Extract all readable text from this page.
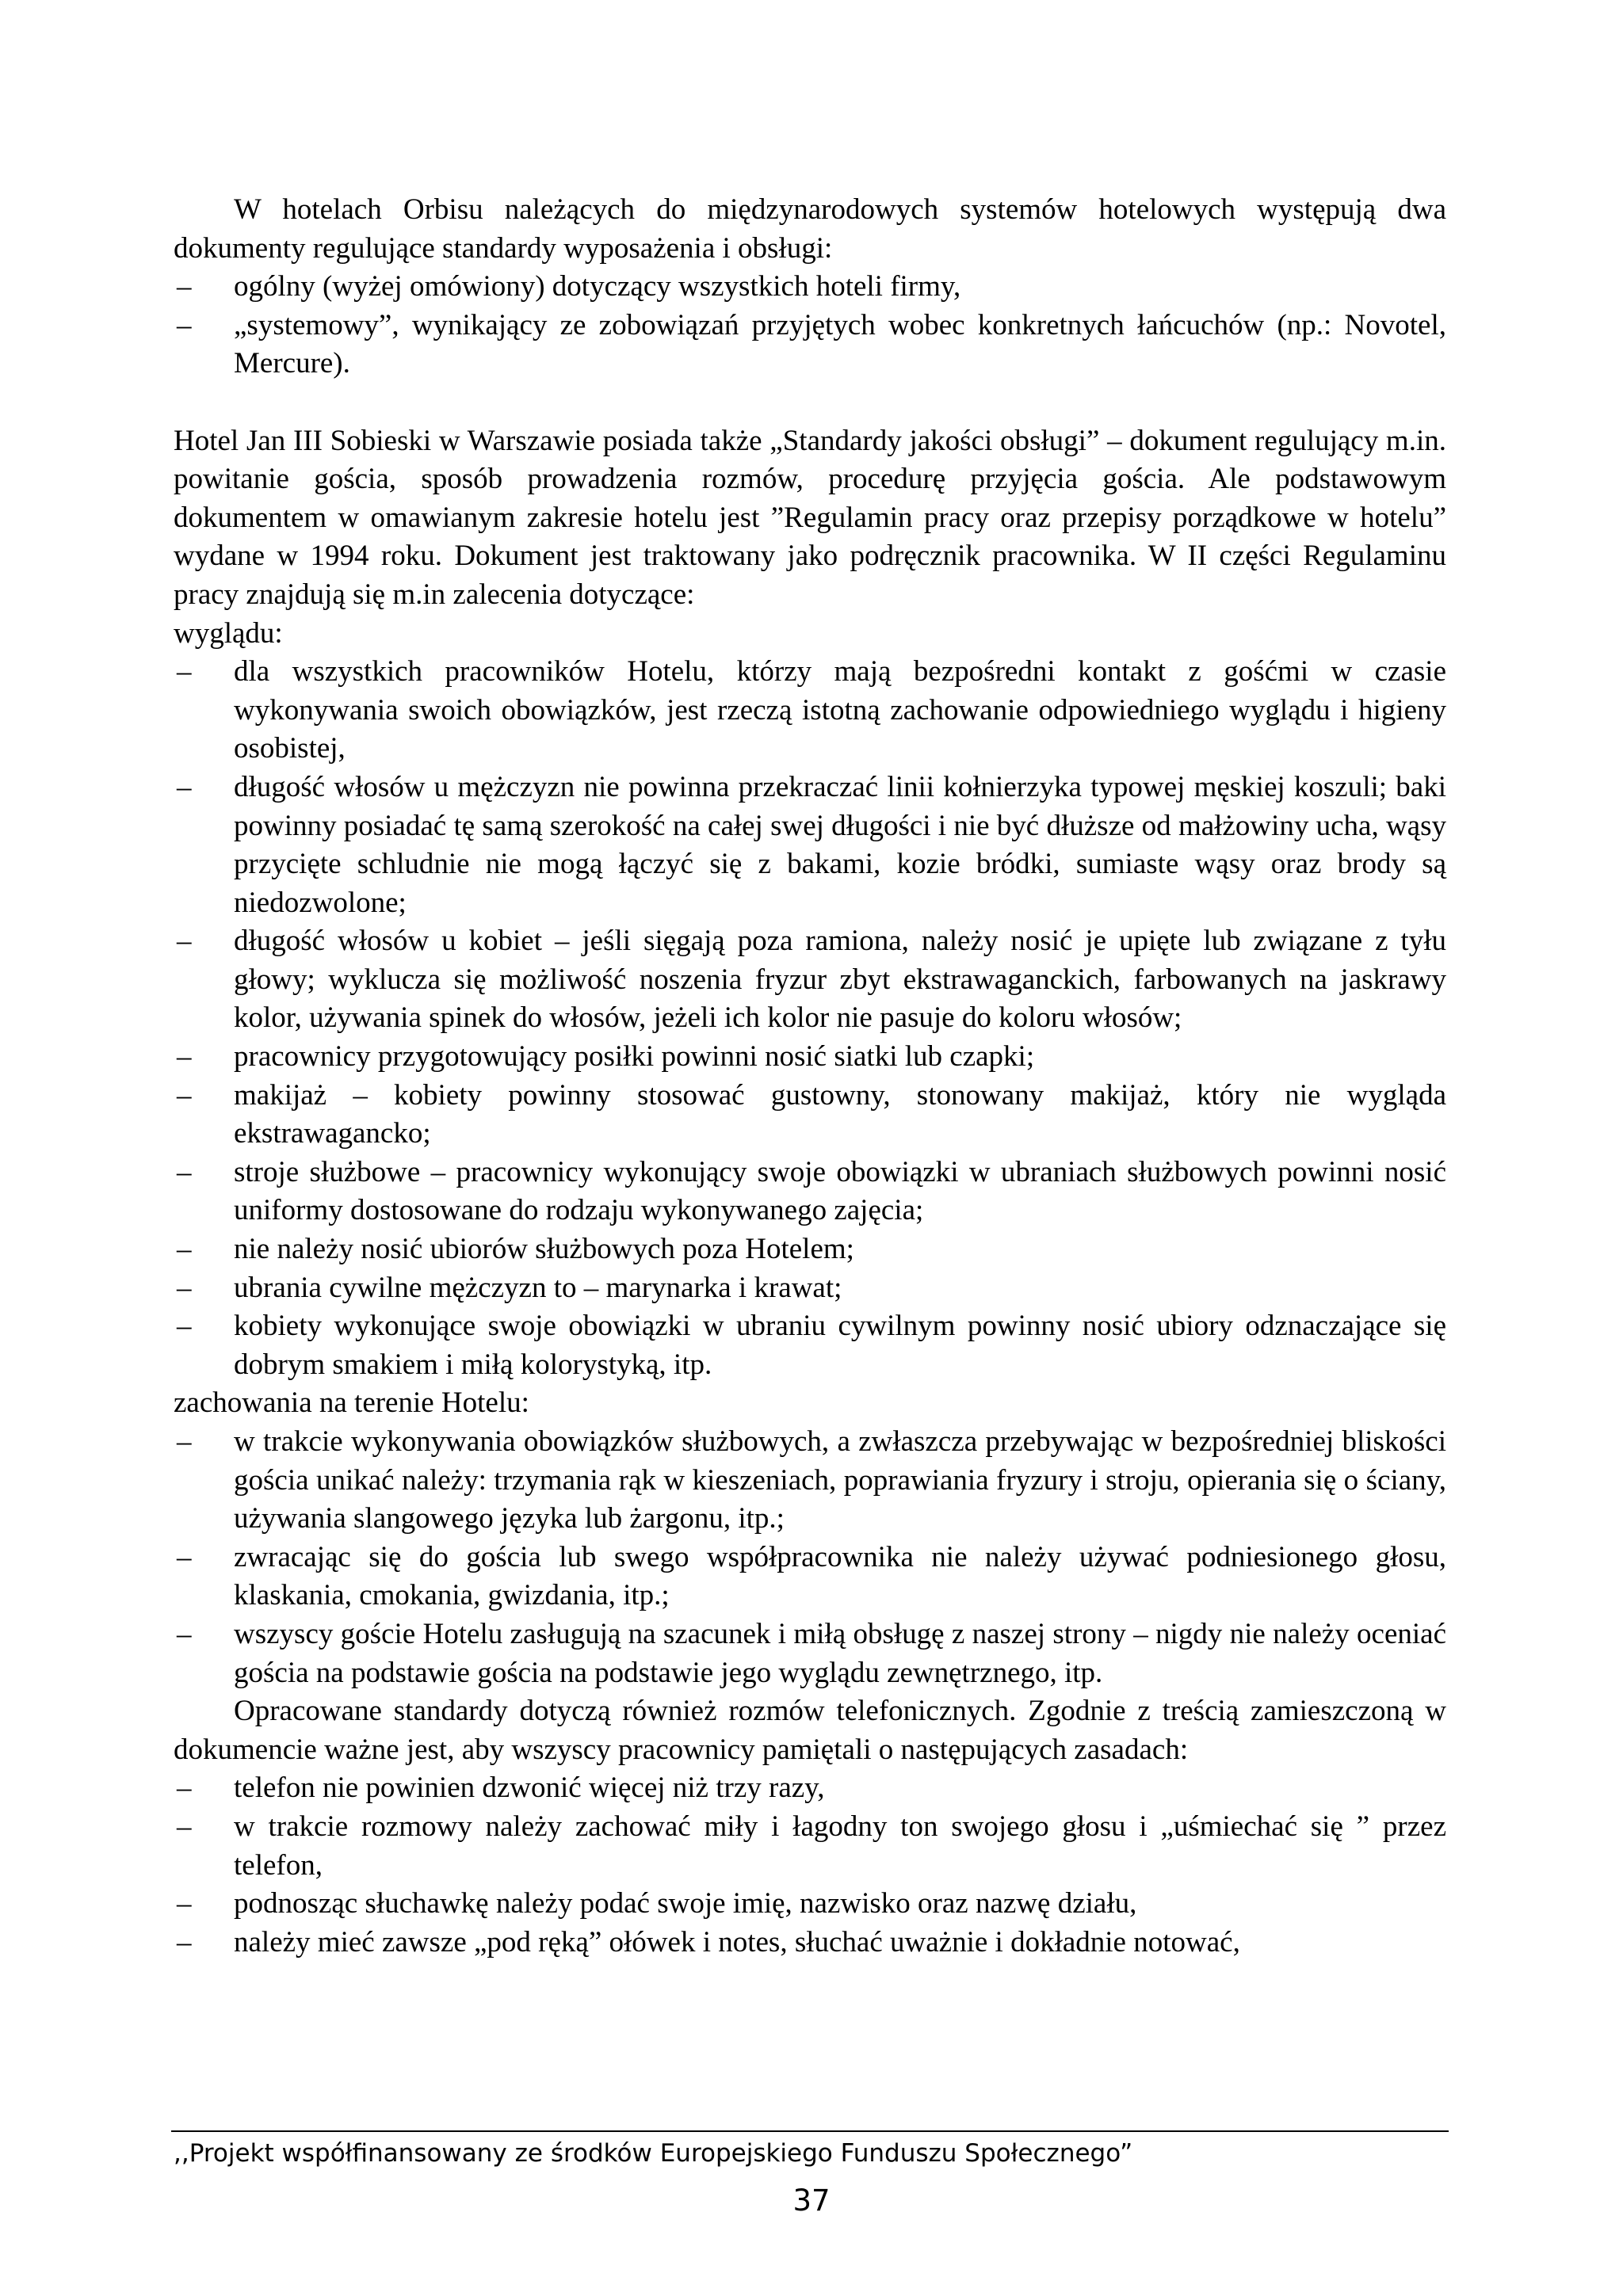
W hotelach Orbisu należących do międzynarodowych systemów hotelowych występują dwa dokumenty regulujące standardy wyposażenia i obsługi:

– ogólny (wyżej omówiony) dotyczący wszystkich hoteli firmy,
– „systemowy”, wynikający ze zobowiązań przyjętych wobec konkretnych łańcuchów (np.: Novotel, Mercure).

Hotel Jan III Sobieski w Warszawie posiada także „Standardy jakości obsługi” – dokument regulujący m.in. powitanie gościa, sposób prowadzenia rozmów, procedurę przyjęcia gościa. Ale podstawowym dokumentem w omawianym zakresie hotelu jest ”Regulamin pracy oraz przepisy porządkowe w hotelu” wydane w 1994 roku. Dokument jest traktowany jako podręcznik pracownika. W II części Regulaminu pracy znajdują się m.in zalecenia dotyczące:

wyglądu:

– dla wszystkich pracowników Hotelu, którzy mają bezpośredni kontakt z gośćmi w czasie wykonywania swoich obowiązków, jest rzeczą istotną zachowanie odpowiedniego wyglądu i higieny osobistej,
– długość włosów u mężczyzn nie powinna przekraczać linii kołnierzyka typowej męskiej koszuli; baki powinny posiadać tę samą szerokość na całej swej długości i nie być dłuższe od małżowiny ucha, wąsy przycięte schludnie nie mogą łączyć się z bakami, kozie bródki, sumiaste wąsy oraz brody są niedozwolone;
– długość włosów u kobiet – jeśli sięgają poza ramiona, należy nosić je upięte lub związane z tyłu głowy; wyklucza się możliwość noszenia fryzur zbyt ekstrawaganckich, farbowanych na jaskrawy kolor, używania spinek do włosów, jeżeli ich kolor nie pasuje do koloru włosów;
– pracownicy przygotowujący posiłki powinni nosić siatki lub czapki;
– makijaż – kobiety powinny stosować gustowny, stonowany makijaż, który nie wygląda ekstrawagancko;
– stroje służbowe – pracownicy wykonujący swoje obowiązki w ubraniach służbowych powinni nosić uniformy dostosowane do rodzaju wykonywanego zajęcia;
– nie należy nosić ubiorów służbowych poza Hotelem;
– ubrania cywilne mężczyzn to – marynarka i krawat;
– kobiety wykonujące swoje obowiązki w ubraniu cywilnym powinny nosić ubiory odznaczające się dobrym smakiem i miłą kolorystyką, itp.

zachowania na terenie Hotelu:

– w trakcie wykonywania obowiązków służbowych, a zwłaszcza przebywając w bezpośredniej bliskości gościa unikać należy: trzymania rąk w kieszeniach, poprawiania fryzury i stroju, opierania się o ściany, używania slangowego języka lub żargonu, itp.;
– zwracając się do gościa lub swego współpracownika nie należy używać podniesionego głosu, klaskania, cmokania, gwizdania, itp.;
– wszyscy goście Hotelu zasługują na szacunek i miłą obsługę z naszej strony – nigdy nie należy oceniać gościa na podstawie gościa na podstawie jego wyglądu zewnętrznego, itp.

Opracowane standardy dotyczą również rozmów telefonicznych. Zgodnie z treścią zamieszczoną w dokumencie ważne jest, aby wszyscy pracownicy pamiętali o następujących zasadach:

– telefon nie powinien dzwonić więcej niż trzy razy,
– w trakcie rozmowy należy zachować miły i łagodny ton swojego głosu i „uśmiechać się ” przez telefon,
– podnosząc słuchawkę należy podać swoje imię, nazwisko oraz nazwę działu,
– należy mieć zawsze „pod ręką” ołówek i notes, słuchać uważnie i dokładnie notować,
,,Projekt współfinansowany ze środków Europejskiego Funduszu Społecznego”
37
